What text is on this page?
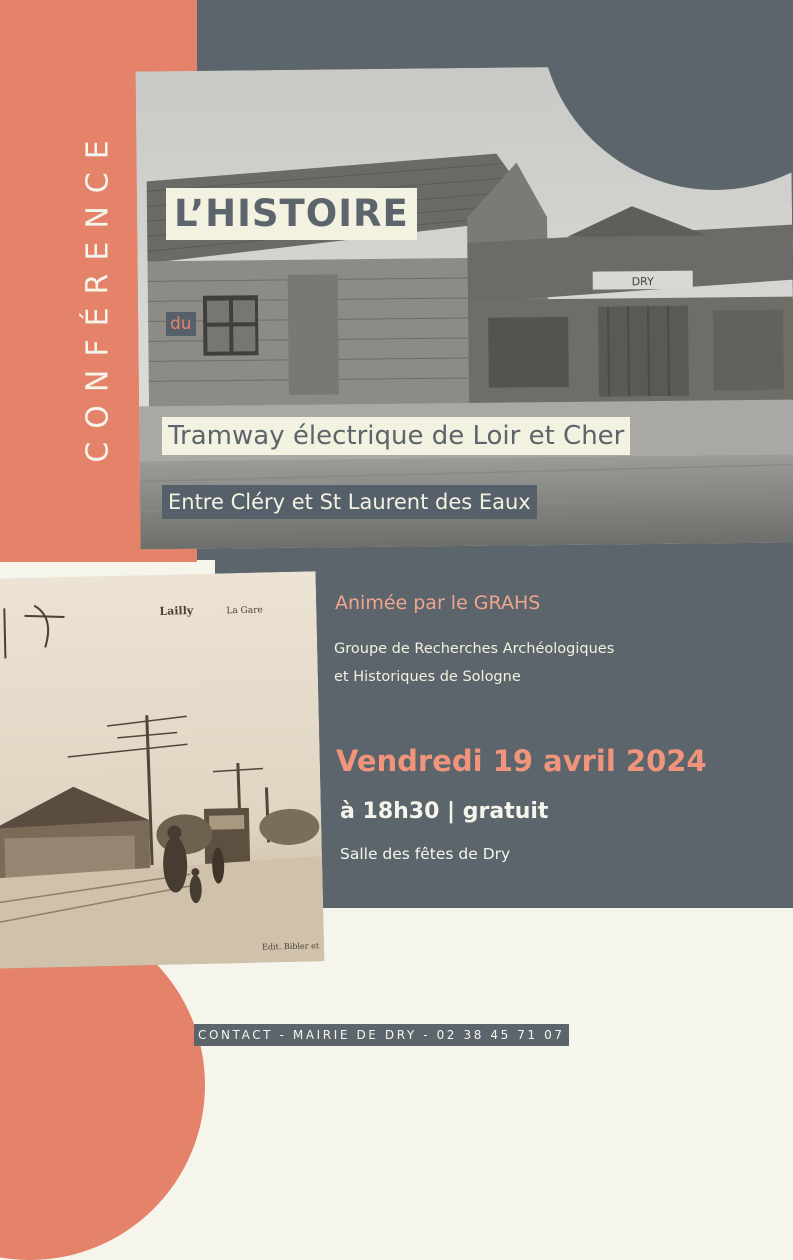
CONFÉRENCE	DRY
L’HISTOIRE
du
Tramway électrique de Loir et Cher
Entre Cléry et St Laurent des Eaux
Lailly	La Gare
Edit. Bibler et
Animée par le GRAHS
Groupe de Recherches Archéologiques
et Historiques de Sologne
Vendredi 19 avril 2024
à 18h30 | gratuit
Salle des fêtes de Dry
CONTACT - MAIRIE DE DRY - 02 38 45 71 07
